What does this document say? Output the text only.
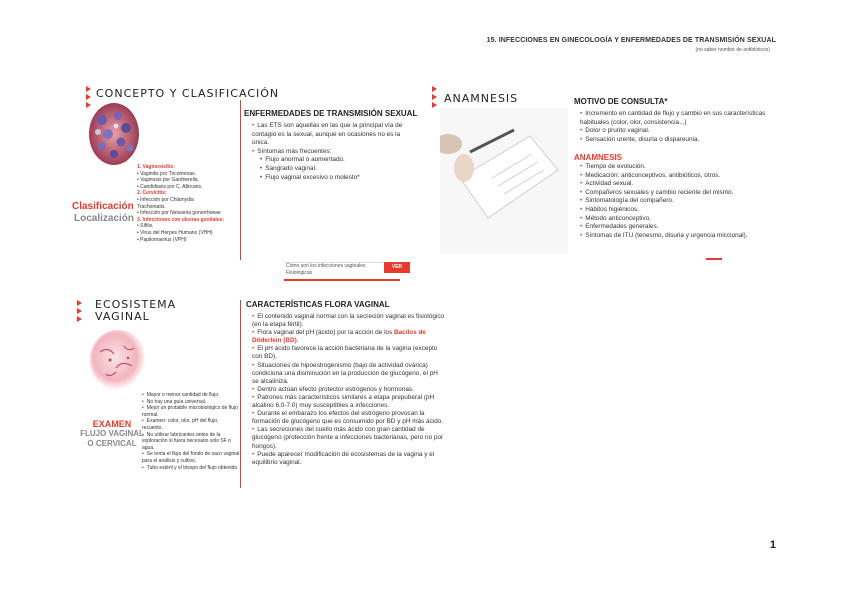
15. INFECCIONES EN GINECOLOGÍA Y ENFERMEDADES DE TRANSMISIÓN SEXUAL
(no saber nombre de antibióticos)
CONCEPTO Y CLASIFICACIÓN
Clasificación
Localización
1. Vaginosis/tis:
• Vaginitis por Tricomonas.
• Vaginosis por Gardnerella.
• Candidiasis por C. Albicans.
2. Cervicitis:
• Infección por Chlamydia
Trachomatis.
• Infección por Neisseria gonorrhoeae
3. Infecciones con ulceras genitales:
• Sífilis.
• Virus del Herpes Humano (VHH)
• Papilomavirus (VPH)
ENFERMEDADES DE TRANSMISIÓN SEXUAL
• Las ETS son aquellas en las que la principal vía de contagio es la sexual, aunque en ocasiones no es la única.
• Síntomas más frecuentes:
• Flujo anormal o aumentado.
• Sangrado vaginal.
• Flujo vaginal excesivo o molesto*
Cómo son los infecciones vaginales Fisiológicas
VER
ANAMNESIS	MOTIVO DE CONSULTA*
• Incremento en cantidad de flujo y cambio en sus características habituales (color, olor, consistencia...)
• Dolor o prurito vaginal.
• Sensación urente, disuria o dispareunia.
ANAMNESIS
• Tiempo de evolución.
• Medicación: anticonceptivos, antibióticos, otros.
• Actividad sexual.
• Compañeros sexuales y cambio reciente del mismo.
• Sintomatología del compañero.
• Hábitos higiénicos.
• Método anticonceptivo.
• Enfermedades generales.
• Síntomas de ITU (tenesmo, disuria y urgencia miccional).
ECOSISTEMA
VAGINAL
EXAMEN
FLUJO VAGINAL
O CERVICAL
• Mayor o menor cantidad de flujo.
• No hay una guía universal.
• Mejor un probable microbiológico de flujo normal.
• Examen: color, olor, pH del flujo, recuento.
• No utilizar lubricantes antes de la exploración si fuera necesario solo SF o agua.
• Se toma el flujo del fondo de saco vaginal para el análisis y cultivo.
• Tubo estéril y el bisopo del flujo obtenido.
CARACTERÍSTICAS FLORA VAGINAL
• El contenido vaginal normal con la secreción vaginal es fisiológico (en la etapa fértil).
• Flora vaginal del pH (ácido) por la acción de los Bacilos de Döderlein (BD).
• El pH ácido favorece la acción bacteriana de la vagina (excepto con BD).
• Situaciones de hipoestrogenismo (bajo de actividad ovárica) condiciona una disminución en la producción de glucógeno, el pH se alcaliniza.
• Dentro actúan efecto protector estrógenos y hormonas.
• Patrones más característicos similares a etapa prepuberal (pH alcalino 6.0-7.0) muy susceptibles a infecciones.
• Durante el embarazo los efectos del estrógeno provocan la formación de glucógeno que es consumido por BD y pH más ácido.
• Las secreciones del cuello más ácido con gran cantidad de glucógeno (protección frente a infecciones bacterianas, pero no por hongos).
• Puede aparecer modificación de ecosistemas de la vagina y el equilibrio vaginal.
1
